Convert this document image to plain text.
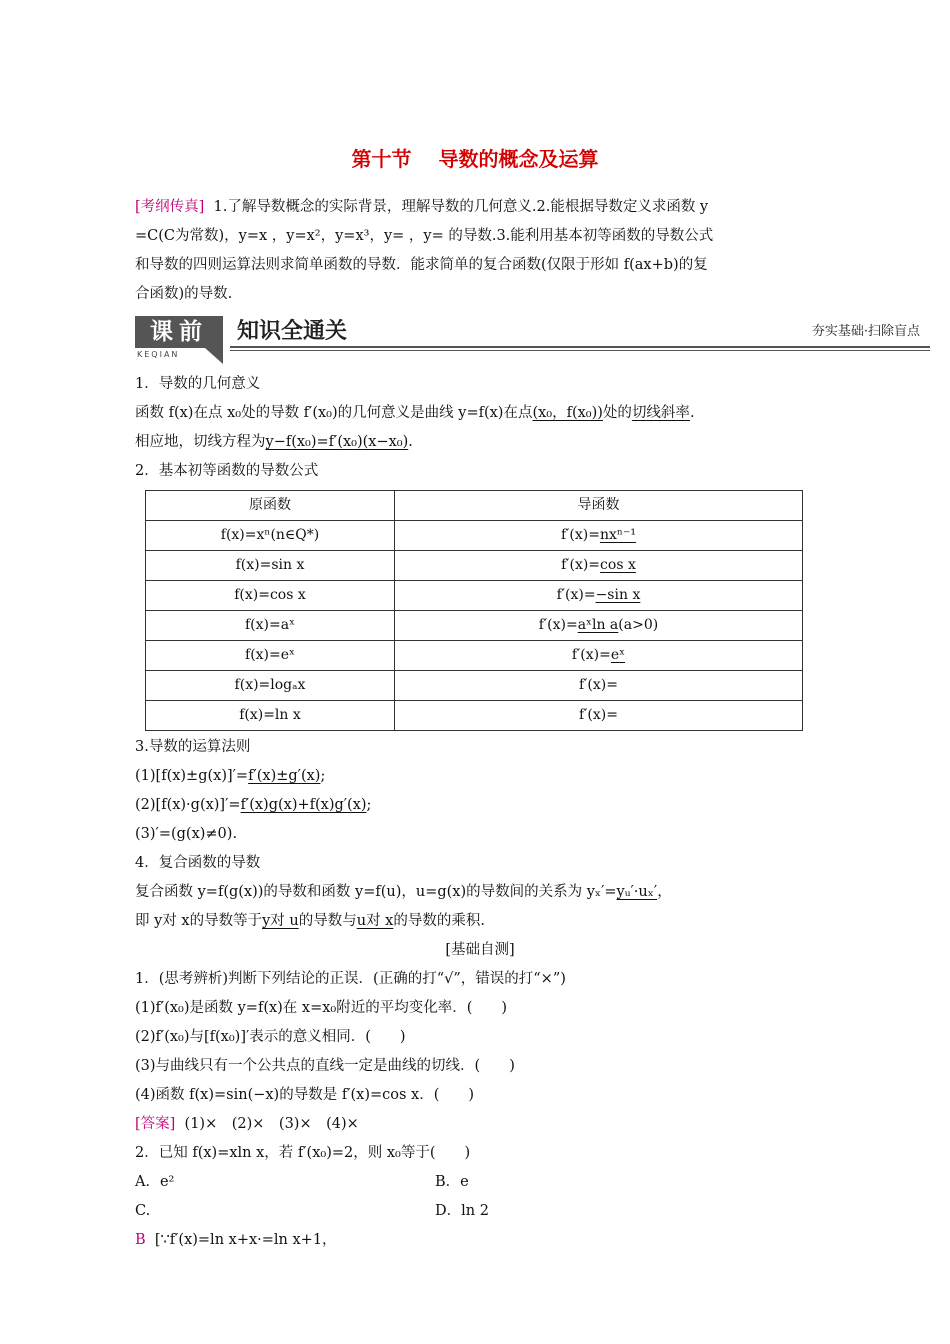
第十节 导数的概念及运算
[考纲传真] 1.了解导数概念的实际背景，理解导数的几何意义.2.能根据导数定义求函数 y
=C(C为常数)，y=x ，y=x²，y=x³，y= ，y= 的导数.3.能利用基本初等函数的导数公式
和导数的四则运算法则求简单函数的导数．能求简单的复合函数(仅限于形如 f(ax+b)的复
合函数)的导数.
课前
KEQIAN
知识全通关	夯实基础·扫除盲点
1．导数的几何意义
函数 f(x)在点 x₀处的导数 f′(x₀)的几何意义是曲线 y=f(x)在点(x₀，f(x₀))处的切线斜率.
相应地，切线方程为y−f(x₀)=f′(x₀)(x−x₀).
2．基本初等函数的导数公式
原函数	导函数
f(x)=xⁿ(n∈Q*)	f′(x)=nxⁿ⁻¹
f(x)=sin x	f′(x)=cos x
f(x)=cos x	f′(x)=−sin x
f(x)=aˣ	f′(x)=aˣln a(a>0)
f(x)=eˣ	f′(x)=eˣ
f(x)=logₐx	f′(x)=
f(x)=ln x	f′(x)=
3.导数的运算法则
(1)[f(x)±g(x)]′=f′(x)±g′(x);
(2)[f(x)·g(x)]′=f′(x)g(x)+f(x)g′(x);
(3)′=(g(x)≠0).
4．复合函数的导数
复合函数 y=f(g(x))的导数和函数 y=f(u)，u=g(x)的导数间的关系为 yₓ′=yᵤ′·uₓ′，
即 y对 x的导数等于y对 u的导数与u对 x的导数的乘积.
[基础自测]
1．(思考辨析)判断下列结论的正误．(正确的打“√”，错误的打“×”)
(1)f′(x₀)是函数 y=f(x)在 x=x₀附近的平均变化率．(　　)
(2)f′(x₀)与[f(x₀)]′表示的意义相同．(　　)
(3)与曲线只有一个公共点的直线一定是曲线的切线．(　　)
(4)函数 f(x)=sin(−x)的导数是 f′(x)=cos x．(　　)
[答案] (1)×　(2)×　(3)×　(4)×
2．已知 f(x)=xln x，若 f′(x₀)=2，则 x₀等于(　　)
A．e²	B．e
C.	D．ln 2
B [∵f′(x)=ln x+x·=ln x+1，
